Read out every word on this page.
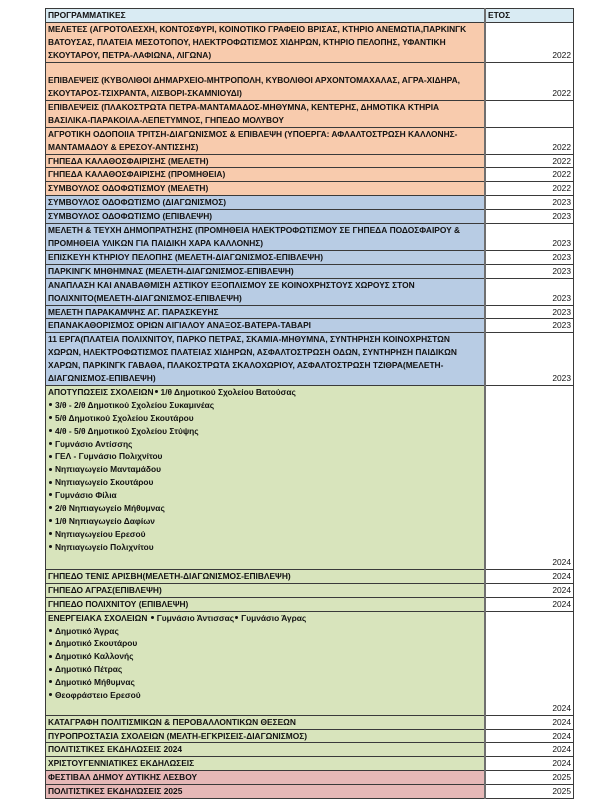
ΠΡΟΓΡΑΜΜΑΤΙΚΕΣ	ΕΤΟΣ

ΜΕΛΕΤΕΣ (ΑΓΡΟΤΟΛΕΣΧΗ, ΚΟΝΤΟΣΦΥΡΙ, ΚΟΙΝΟΤΙΚΟ ΓΡΑΦΕΙΟ ΒΡΙΣΑΣ, ΚΤΗΡΙΟ ΑΝΕΜΩΤΙΑ,ΠΑΡΚΙΝΓΚ
ΒΑΤΟΥΣΑΣ, ΠΛΑΤΕΙΑ ΜΕΣΟΤΟΠΟΥ, ΗΛΕΚΤΡΟΦΩΤΙΣΜΟΣ ΧΙΔΗΡΩΝ, ΚΤΗΡΙΟ ΠΕΛΟΠΗΣ, ΥΦΑΝΤΙΚΗ
ΣΚΟΥΤΑΡΟΥ, ΠΕΤΡΑ-ΛΑΦΙΩΝΑ, ΛΙΓΩΝΑ)	2022

ΕΠΙΒΛΕΨΕΙΣ (ΚΥΒΟΛΙΘΟΙ ΔΗΜΑΡΧΕΙΟ-ΜΗΤΡΟΠΟΛΗ, ΚΥΒΟΛΙΘΟΙ ΑΡΧΟΝΤΟΜΑΧΑΛΑΣ, ΑΓΡΑ-ΧΙΔΗΡΑ,
ΣΚΟΥΤΑΡΟΣ-ΤΣΙΧΡΑΝΤΑ, ΛΙΣΒΟΡΙ-ΣΚΑΜΝΙΟΥΔΙ)	2022

ΕΠΙΒΛΕΨΕΙΣ (ΠΛΑΚΟΣΤΡΩΤΑ ΠΕΤΡΑ-ΜΑΝΤΑΜΑΔΟΣ-ΜΗΘΥΜΝΑ, ΚΕΝΤΕΡΗΣ, ΔΗΜΟΤΙΚΑ ΚΤΗΡΙΑ
ΒΑΣΙΛΙΚΑ-ΠΑΡΑΚΟΙΛΑ-ΛΕΠΕΤΥΜΝΟΣ, ΓΗΠΕΔΟ ΜΟΛΥΒΟΥ	

ΑΓΡΟΤΙΚΗ ΟΔΟΠΟΙΙΑ ΤΡΙΤΣΗ-ΔΙΑΓΩΝΙΣΜΟΣ & ΕΠΙΒΛΕΨΗ (ΥΠΟΕΡΓΑ: ΑΦΛΑΛΤΟΣΤΡΩΣΗ ΚΑΛΛΟΝΗΣ-
ΜΑΝΤΑΜΑΔΟΥ & ΕΡΕΣΟΥ-ΑΝΤΙΣΣΗΣ)	2022
ΓΗΠΕΔΑ ΚΑΛΑΘΟΣΦΑΙΡΙΣΗΣ (ΜΕΛΕΤΗ)	2022
ΓΗΠΕΔΑ ΚΑΛΑΘΟΣΦΑΙΡΙΣΗΣ (ΠΡΟΜΗΘΕΙΑ)	2022
ΣΥΜΒΟΥΛΟΣ ΟΔΟΦΩΤΙΣΜΟΥ (ΜΕΛΕΤΗ)	2022
ΣΥΜΒΟΥΛΟΣ ΟΔΟΦΩΤΙΣΜΟ (ΔΙΑΓΩΝΙΣΜΟΣ)	2023
ΣΥΜΒΟΥΛΟΣ ΟΔΟΦΩΤΙΣΜΟ (ΕΠΙΒΛΕΨΗ)	2023

ΜΕΛΕΤΗ & ΤΕΥΧΗ ΔΗΜΟΠΡΑΤΗΣΗΣ (ΠΡΟΜΗΘΕΙΑ ΗΛΕΚΤΡΟΦΩΤΙΣΜΟΥ ΣΕ ΓΗΠΕΔΑ ΠΟΔΟΣΦΑΙΡΟΥ &
ΠΡΟΜΗΘΕΙΑ ΥΛΙΚΩΝ ΓΙΑ ΠΑΙΔΙΚΗ ΧΑΡΑ ΚΑΛΛΟΝΗΣ)	2023
ΕΠΙΣΚΕΥΗ ΚΤΗΡΙΟΥ ΠΕΛΟΠΗΣ (ΜΕΛΕΤΗ-ΔΙΑΓΩΝΙΣΜΟΣ-ΕΠΙΒΛΕΨΗ)	2023
ΠΑΡΚΙΝΓΚ ΜΗΘΗΜΝΑΣ (ΜΕΛΕΤΗ-ΔΙΑΓΩΝΙΣΜΟΣ-ΕΠΙΒΛΕΨΗ)	2023

ΑΝΑΠΛΑΣΗ ΚΑΙ ΑΝΑΒΑΘΜΙΣΗ ΑΣΤΙΚΟΥ ΕΞΟΠΛΙΣΜΟΥ ΣΕ ΚΟΙΝΟΧΡΗΣΤΟΥΣ ΧΩΡΟΥΣ ΣΤΟΝ
ΠΟΛΙΧΝΙΤΟ(ΜΕΛΕΤΗ-ΔΙΑΓΩΝΙΣΜΟΣ-ΕΠΙΒΛΕΨΗ)	2023
ΜΕΛΕΤΗ ΠΑΡΑΚΑΜΨΗΣ ΑΓ. ΠΑΡΑΣΚΕΥΗΣ	2023
ΕΠΑΝΑΚΑΘΟΡΙΣΜΟΣ ΟΡΙΩΝ ΑΙΓΙΑΛΟΥ ΑΝΑΞΟΣ-ΒΑΤΕΡΑ-ΤΑΒΑΡΙ	2023

11 ΕΡΓΑ(ΠΛΑΤΕΙΑ ΠΟΛΙΧΝΙΤΟΥ, ΠΑΡΚΟ ΠΕΤΡΑΣ, ΣΚΑΜΙΑ-ΜΗΘΥΜΝΑ, ΣΥΝΤΗΡΗΣΗ ΚΟΙΝΟΧΡΗΣΤΩΝ
ΧΩΡΩΝ, ΗΛΕΚΤΡΟΦΩΤΙΣΜΟΣ ΠΛΑΤΕΙΑΣ ΧΙΔΗΡΩΝ, ΑΣΦΑΛΤΟΣΤΡΩΣΗ ΟΔΩΝ, ΣΥΝΤΗΡΗΣΗ ΠΑΙΔΙΚΩΝ
ΧΑΡΩΝ, ΠΑΡΚΙΝΓΚ ΓΑΒΑΘΑ, ΠΛΑΚΟΣΤΡΩΤΑ ΣΚΑΛΟΧΩΡΙΟΥ, ΑΣΦΑΛΤΟΣΤΡΩΣΗ ΤΖΙΘΡΑ(ΜΕΛΕΤΗ-
ΔΙΑΓΩΝΙΣΜΟΣ-ΕΠΙΒΛΕΨΗ)	2023

ΑΠΟΤΥΠΩΣΕΙΣ ΣΧΟΛΕΙΩΝ 1/θ Δημοτικού Σχολείου Βατούσας
3/θ - 2/θ Δημοτικού Σχολείου Συκαμινέας
5/θ Δημοτικού Σχολείου Σκουτάρου
4/θ - 5/θ Δημοτικού Σχολείου Στύψης
Γυμνάσιο Αντίσσης
ΓΕΛ - Γυμνάσιο Πολιχνίτου
Νηπιαγωγείο Μανταμάδου
Νηπιαγωγείο Σκουτάρου
Γυμνάσιο Φίλια
2/θ Νηπιαγωγείο Μήθυμνας
1/θ Νηπιαγωγείο Δαφίων
Νηπιαγωγείου Ερεσού
Νηπιαγωγείο Πολιχνίτου
	2024
ΓΗΠΕΔΟ ΤΕΝΙΣ ΑΡΙΣΒΗ(ΜΕΛΕΤΗ-ΔΙΑΓΩΝΙΣΜΟΣ-ΕΠΙΒΛΕΨΗ)	2024
ΓΗΠΕΔΟ ΑΓΡΑΣ(ΕΠΙΒΛΕΨΗ)	2024
ΓΗΠΕΔΟ ΠΟΛΙΧΝΙΤΟΥ (ΕΠΙΒΛΕΨΗ)	2024

ΕΝΕΡΓΕΙΑΚΑ ΣΧΟΛΕΙΩΝ Γυμνάσιο Άντισσας Γυμνάσιο Άγρας
Δημοτικό Άγρας
Δημοτικό Σκουτάρου
Δημοτικό Καλλονής
Δημοτικό Πέτρας
Δημοτικό Μήθυμνας
Θεοφράστειο Ερεσού
	2024
ΚΑΤΑΓΡΑΦΗ ΠΟΛΙΤΙΣΜΙΚΩΝ & ΠΕΡΟΒΑΛΛΟΝΤΙΚΩΝ ΘΕΣΕΩΝ	2024
ΠΥΡΟΠΡΟΣΤΑΣΙΑ ΣΧΟΛΕΙΩΝ (ΜΕΛΤΗ-ΕΓΚΡΙΣΕΙΣ-ΔΙΑΓΩΝΙΣΜΟΣ)	2024
ΠΟΛΙΤΙΣΤΙΚΕΣ ΕΚΔΗΛΩΣΕΙΣ 2024	2024
ΧΡΙΣΤΟΥΓΕΝΝΙΑΤΙΚΕΣ ΕΚΔΗΛΩΣΕΙΣ	2024
ΦΕΣΤΙΒΑΛ ΔΗΜΟΥ ΔΥΤΙΚΗΣ ΛΕΣΒΟΥ	2025
ΠΟΛΙΤΙΣΤΙΚΕΣ ΕΚΔΗΛΏΣΕΙΣ 2025	2025
